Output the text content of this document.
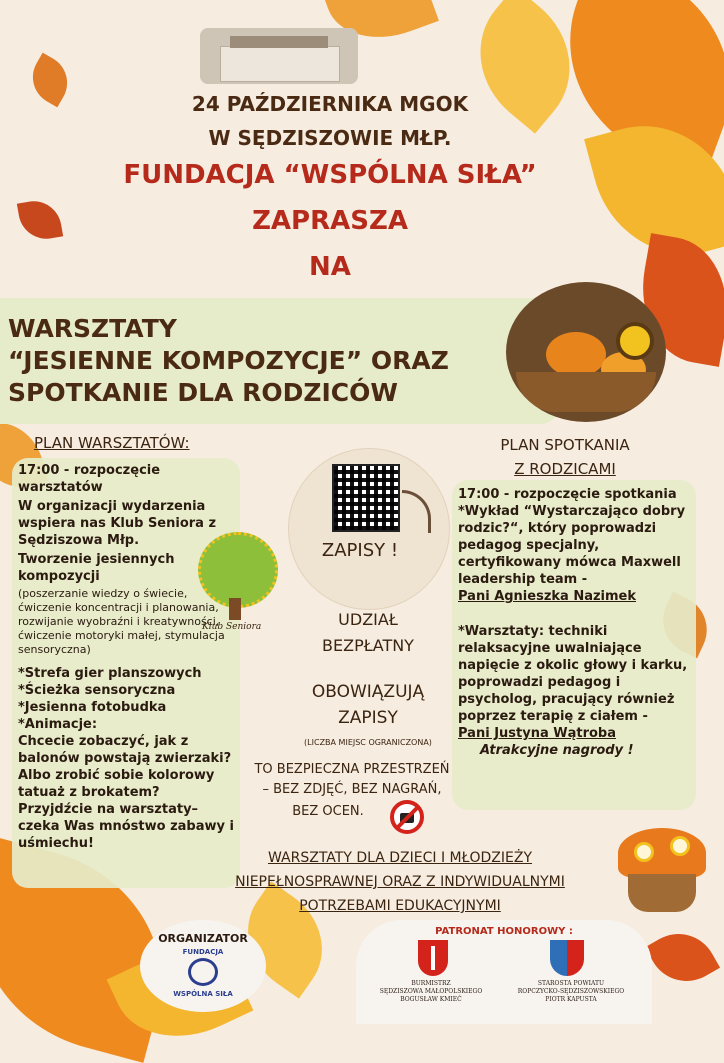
24 PAŹDZIERNIKA MGOK
W SĘDZISZOWIE MŁP.
FUNDACJA “WSPÓLNA SIŁA”
ZAPRASZA
NA
WARSZTATY
“JESIENNE KOMPOZYCJE” ORAZ
SPOTKANIE DLA RODZICÓW
PLAN WARSZTATÓW:
17:00 - rozpoczęcie warsztatów
W organizacji wydarzenia wspiera nas Klub Seniora z Sędziszowa Młp.
Tworzenie jesiennych kompozycji
(poszerzanie wiedzy o świecie, ćwiczenie koncentracji i planowania, rozwijanie wyobraźni i kreatywności, ćwiczenie motoryki małej, stymulacja sensoryczna)
*Strefa gier planszowych
*Ścieżka sensoryczna
*Jesienna fotobudka
*Animacje:
Chcecie zobaczyć, jak z balonów powstają zwierzaki? Albo zrobić sobie kolorowy tatuaż z brokatem?
Przyjdźcie na warsztaty– czeka Was mnóstwo zabawy i uśmiechu!
Klub Seniora
ZAPISY !
UDZIAŁ
BEZPŁATNY
OBOWIĄZUJĄ
ZAPISY
(LICZBA MIEJSC OGRANICZONA)
TO BEZPIECZNA PRZESTRZEŃ
– BEZ ZDJĘĆ, BEZ NAGRAŃ,
BEZ OCEN.
PLAN SPOTKANIA
Z RODZICAMI
17:00 - rozpoczęcie spotkania
*Wykład “Wystarczająco dobry rodzic?“, który poprowadzi pedagog specjalny, certyfikowany mówca Maxwell leadership team -
Pani Agnieszka Nazimek
*Warsztaty: techniki relaksacyjne uwalniające napięcie z okolic głowy i karku, poprowadzi pedagog i psycholog, pracujący również poprzez terapię z ciałem -
Pani Justyna Wątroba
Atrakcyjne nagrody !
WARSZTATY DLA DZIECI I MŁODZIEŻY
NIEPEŁNOSPRAWNEJ ORAZ Z INDYWIDUALNYMI
POTRZEBAMI EDUKACYJNYMI
ORGANIZATOR
FUNDACJA
WSPÓLNA SIŁA
PATRONAT HONOROWY :
BURMISTRZ
SĘDZISZOWA MAŁOPOLSKIEGO
BOGUSŁAW KMIEĆ
STAROSTA POWIATU
ROPCZYCKO-SĘDZISZOWSKIEGO
PIOTR KAPUSTA
